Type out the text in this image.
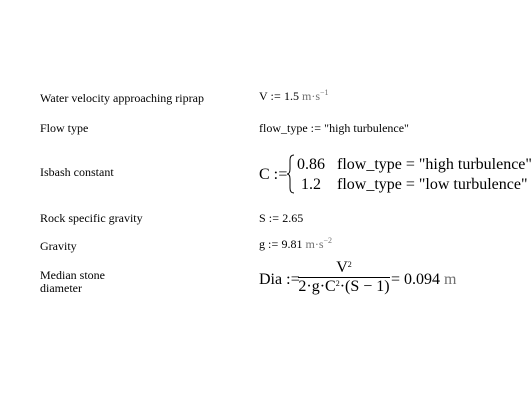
Water velocity approaching riprap	V := 1.5 $m\cdot s^{-1}$
Flow type	flow_type := "high turbulence"
Isbash constant	C :=
0.86 flow_type = "high turbulence"
1.2 flow_type = "low turbulence"
Rock specific gravity	S := 2.65
Gravity	g := 9.81 $m\cdot s^{-2}$
Median stone
diameter	Dia :=
$V^2$
$2\cdot g\cdot C^2\cdot(S - 1) = 0.094$ m
